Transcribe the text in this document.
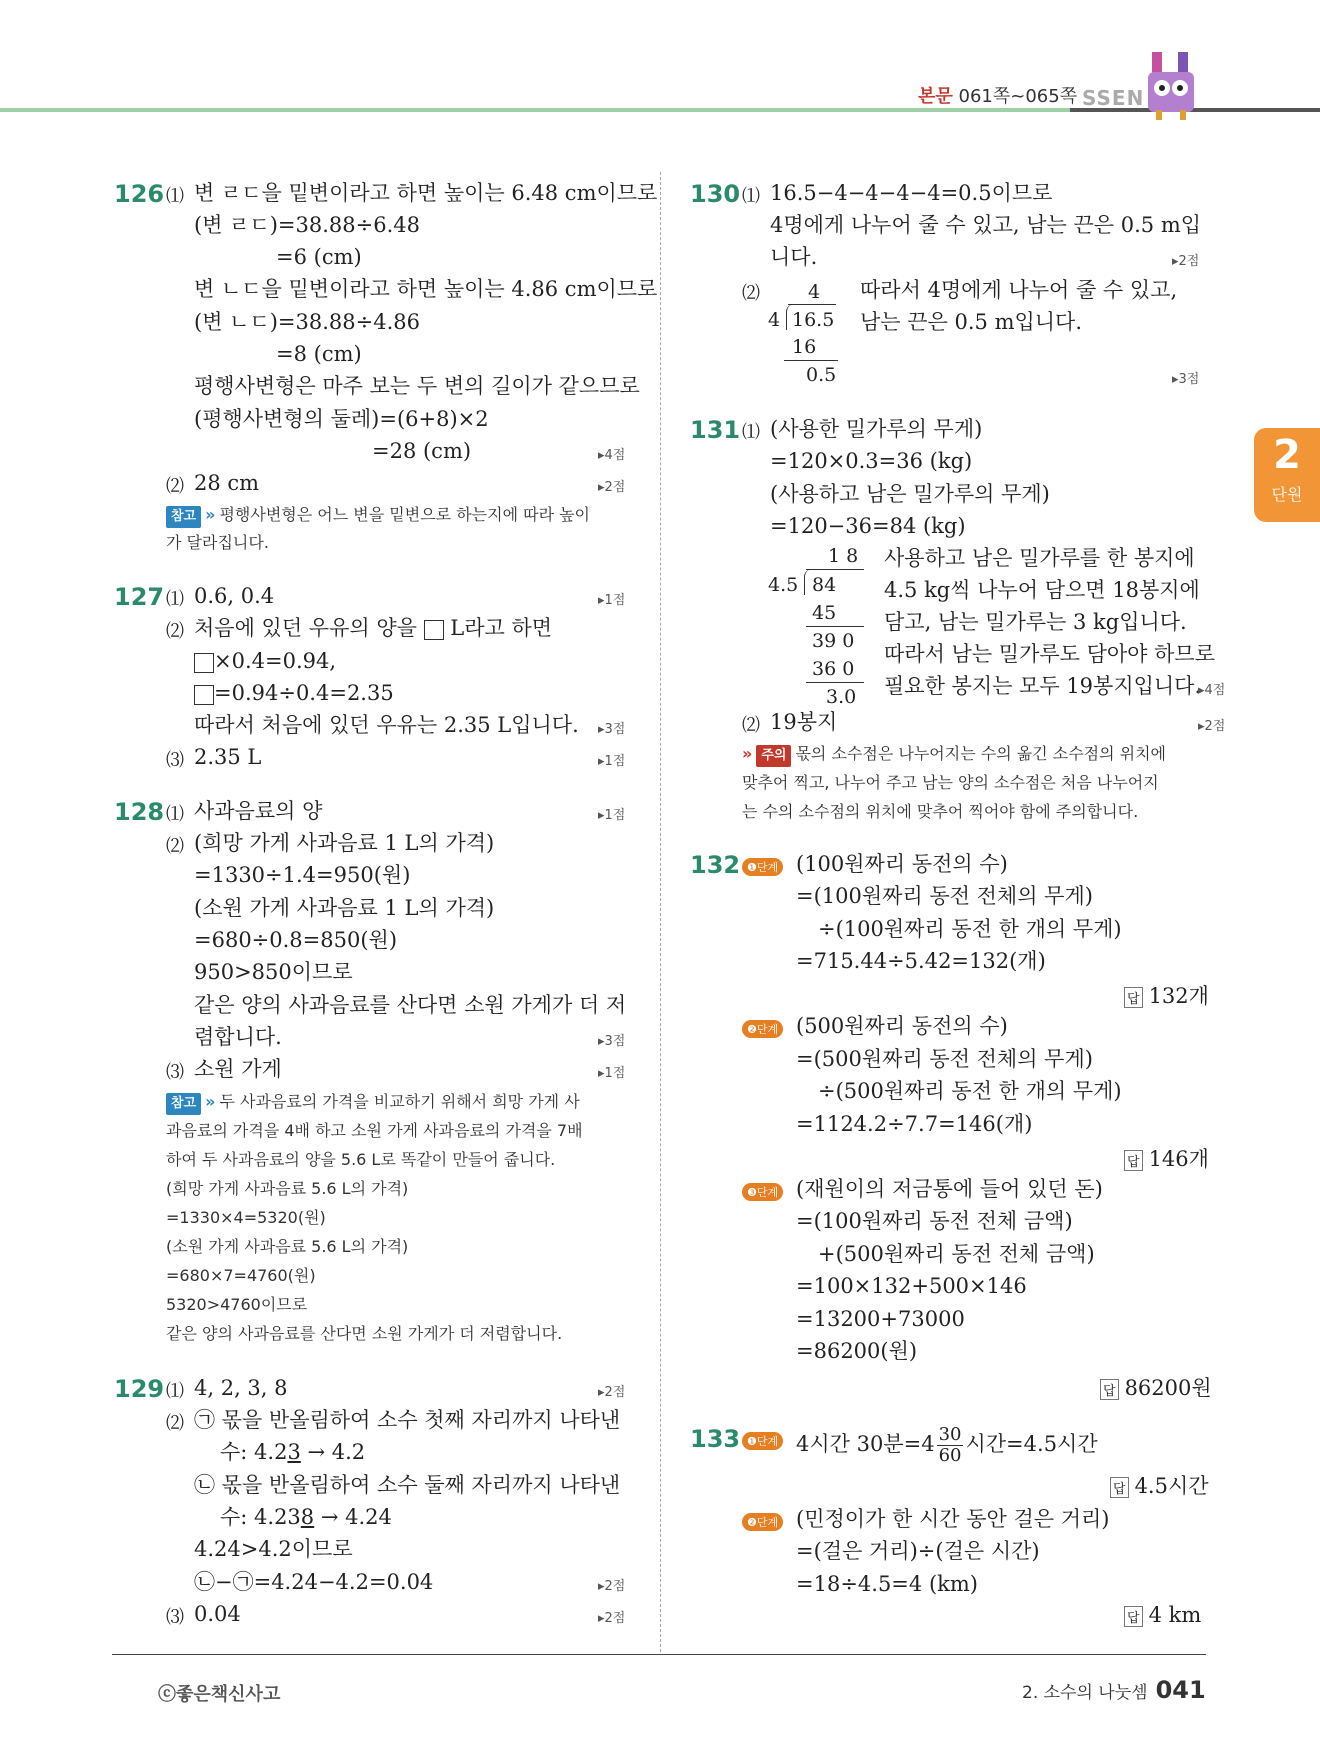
본문 061쪽~065쪽 SSEN
2
단원
126 ⑴ 변 ㄹㄷ을 밑변이라고 하면 높이는 6.48 cm이므로
(변 ㄹㄷ)=38.88÷6.48
=6 (cm)
변 ㄴㄷ을 밑변이라고 하면 높이는 4.86 cm이므로
(변 ㄴㄷ)=38.88÷4.86
=8 (cm)
평행사변형은 마주 보는 두 변의 길이가 같으므로
(평행사변형의 둘레)=(6+8)×2
=28 (cm)	▸4점
⑵ 28 cm	▸2점
참고 » 평행사변형은 어느 변을 밑변으로 하는지에 따라 높이
가 달라집니다.
127 ⑴ 0.6, 0.4	▸1점
⑵ 처음에 있던 우유의 양을 L라고 하면
×0.4=0.94,
=0.94÷0.4=2.35
따라서 처음에 있던 우유는 2.35 L입니다. ▸3점
⑶ 2.35 L	▸1점
128 ⑴ 사과음료의 양	▸1점
⑵ (희망 가게 사과음료 1 L의 가격)
=1330÷1.4=950(원)
(소원 가게 사과음료 1 L의 가격)
=680÷0.8=850(원)
950>850이므로
같은 양의 사과음료를 산다면 소원 가게가 더 저
렴합니다.	▸3점
⑶ 소원 가게	▸1점
참고 » 두 사과음료의 가격을 비교하기 위해서 희망 가게 사
과음료의 가격을 4배 하고 소원 가게 사과음료의 가격을 7배
하여 두 사과음료의 양을 5.6 L로 똑같이 만들어 줍니다.
(희망 가게 사과음료 5.6 L의 가격)
=1330×4=5320(원)
(소원 가게 사과음료 5.6 L의 가격)
=680×7=4760(원)
5320>4760이므로
같은 양의 사과음료를 산다면 소원 가게가 더 저렴합니다.
129 ⑴ 4, 2, 3, 8	▸2점
⑵ ㉠ 몫을 반올림하여 소수 첫째 자리까지 나타낸
수: 4.23 → 4.2
㉡ 몫을 반올림하여 소수 둘째 자리까지 나타낸
수: 4.238 → 4.24
4.24>4.2이므로
㉡−㉠=4.24−4.2=0.04	▸2점
⑶ 0.04	▸2점
130 ⑴ 16.5−4−4−4−4=0.5이므로
4명에게 나누어 줄 수 있고, 남는 끈은 0.5 m입
니다.	▸2점
⑵	4
4 16.5
16
0.5
따라서 4명에게 나누어 줄 수 있고,
남는 끈은 0.5 m입니다.
▸3점
131 ⑴ (사용한 밀가루의 무게)
=120×0.3=36 (kg)
(사용하고 남은 밀가루의 무게)
=120−36=84 (kg)
1 8
4.5 84
45
39 0
36 0
3.0
사용하고 남은 밀가루를 한 봉지에
4.5 kg씩 나누어 담으면 18봉지에
담고, 남는 밀가루는 3 kg입니다.
따라서 남는 밀가루도 담아야 하므로
필요한 봉지는 모두 19봉지입니다.
▸4점
⑵ 19봉지	▸2점
» 주의 몫의 소수점은 나누어지는 수의 옮긴 소수점의 위치에
맞추어 찍고, 나누어 주고 남는 양의 소수점은 처음 나누어지
는 수의 소수점의 위치에 맞추어 찍어야 함에 주의합니다.
132 ❶단계 (100원짜리 동전의 수)
=(100원짜리 동전 전체의 무게)
÷(100원짜리 동전 한 개의 무게)
=715.44÷5.42=132(개)
답 132개
❷단계 (500원짜리 동전의 수)
=(500원짜리 동전 전체의 무게)
÷(500원짜리 동전 한 개의 무게)
=1124.2÷7.7=146(개)
답 146개
❸단계 (재원이의 저금통에 들어 있던 돈)
=(100원짜리 동전 전체 금액)
+(500원짜리 동전 전체 금액)
=100×132+500×146
=13200+73000
=86200(원)
답 86200원
133 ❶단계 4시간 30분$=4 \frac{30}{60}$ 시간=4.5시간
답 4.5시간
❷단계 (민정이가 한 시간 동안 걸은 거리)
=(걸은 거리)÷(걸은 시간)
=18÷4.5=4 (km)
답 4 km
ⓒ좋은책신사고	2. 소수의 나눗셈 041
